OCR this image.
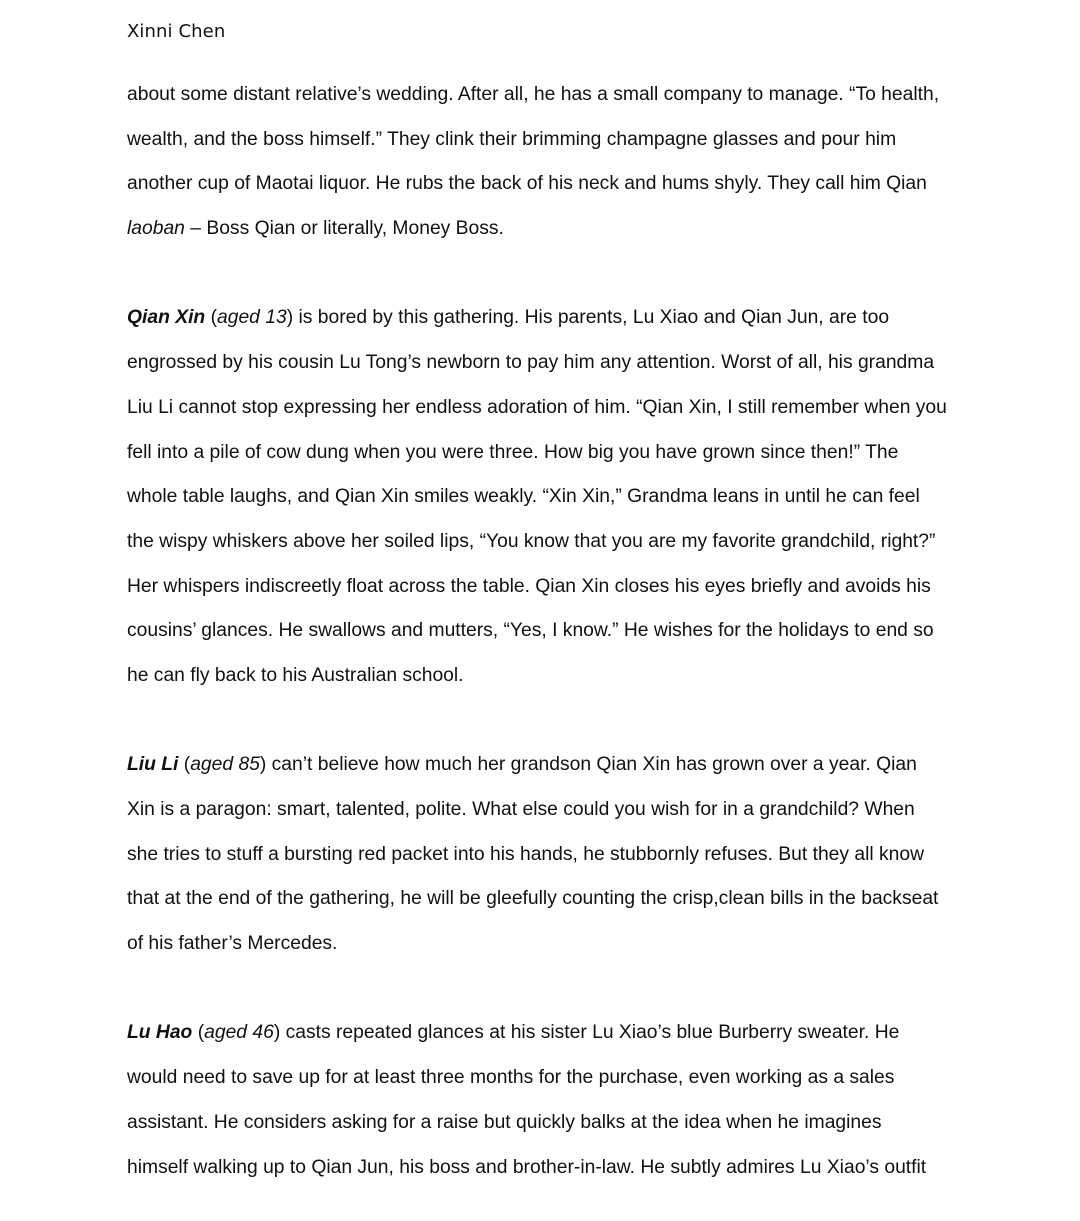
Xinni Chen
about some distant relative’s wedding. After all, he has a small company to manage. “To health,
wealth, and the boss himself.” They clink their brimming champagne glasses and pour him
another cup of Maotai liquor. He rubs the back of his neck and hums shyly. They call him Qian
laoban – Boss Qian or literally, Money Boss.
Qian Xin (aged 13) is bored by this gathering. His parents, Lu Xiao and Qian Jun, are too
engrossed by his cousin Lu Tong’s newborn to pay him any attention. Worst of all, his grandma
Liu Li cannot stop expressing her endless adoration of him. “Qian Xin, I still remember when you
fell into a pile of cow dung when you were three. How big you have grown since then!” The
whole table laughs, and Qian Xin smiles weakly. “Xin Xin,” Grandma leans in until he can feel
the wispy whiskers above her soiled lips, “You know that you are my favorite grandchild, right?”
Her whispers indiscreetly float across the table. Qian Xin closes his eyes briefly and avoids his
cousins’ glances. He swallows and mutters, “Yes, I know.” He wishes for the holidays to end so
he can fly back to his Australian school.
Liu Li (aged 85) can’t believe how much her grandson Qian Xin has grown over a year. Qian
Xin is a paragon: smart, talented, polite. What else could you wish for in a grandchild? When
she tries to stuff a bursting red packet into his hands, he stubbornly refuses. But they all know
that at the end of the gathering, he will be gleefully counting the crisp,clean bills in the backseat
of his father’s Mercedes.
Lu Hao (aged 46) casts repeated glances at his sister Lu Xiao’s blue Burberry sweater. He
would need to save up for at least three months for the purchase, even working as a sales
assistant. He considers asking for a raise but quickly balks at the idea when he imagines
himself walking up to Qian Jun, his boss and brother-in-law. He subtly admires Lu Xiao’s outfit
